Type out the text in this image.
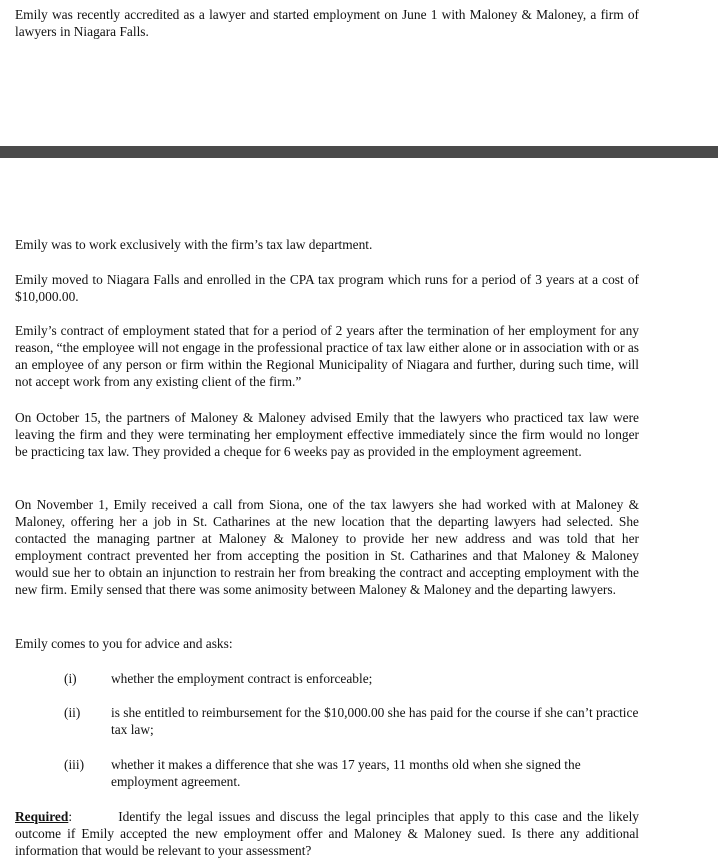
Emily was recently accredited as a lawyer and started employment on June 1 with Maloney & Maloney, a firm of lawyers in Niagara Falls.

Emily was to work exclusively with the firm’s tax law department.

Emily moved to Niagara Falls and enrolled in the CPA tax program which runs for a period of 3 years at a cost of $10,000.00.

Emily’s contract of employment stated that for a period of 2 years after the termination of her employment for any reason, “the employee will not engage in the professional practice of tax law either alone or in association with or as an employee of any person or firm within the Regional Municipality of Niagara and further, during such time, will not accept work from any existing client of the firm.”

On October 15, the partners of Maloney & Maloney advised Emily that the lawyers who practiced tax law were leaving the firm and they were terminating her employment effective immediately since the firm would no longer be practicing tax law. They provided a cheque for 6 weeks pay as provided in the employment agreement.

On November 1, Emily received a call from Siona, one of the tax lawyers she had worked with at Maloney & Maloney, offering her a job in St. Catharines at the new location that the departing lawyers had selected. She contacted the managing partner at Maloney & Maloney to provide her new address and was told that her employment contract prevented her from accepting the position in St. Catharines and that Maloney & Maloney would sue her to obtain an injunction to restrain her from breaking the contract and accepting employment with the new firm. Emily sensed that there was some animosity between Maloney & Maloney and the departing lawyers.

Emily comes to you for advice and asks:

(i)	whether the employment contract is enforceable;
(ii)	is she entitled to reimbursement for the $10,000.00 she has paid for the course if she can’t practice tax law;
(iii)	whether it makes a difference that she was 17 years, 11 months old when she signed the employment agreement.

Required:	Identify the legal issues and discuss the legal principles that apply to this case and the likely outcome if Emily accepted the new employment offer and Maloney & Maloney sued. Is there any additional information that would be relevant to your assessment?
